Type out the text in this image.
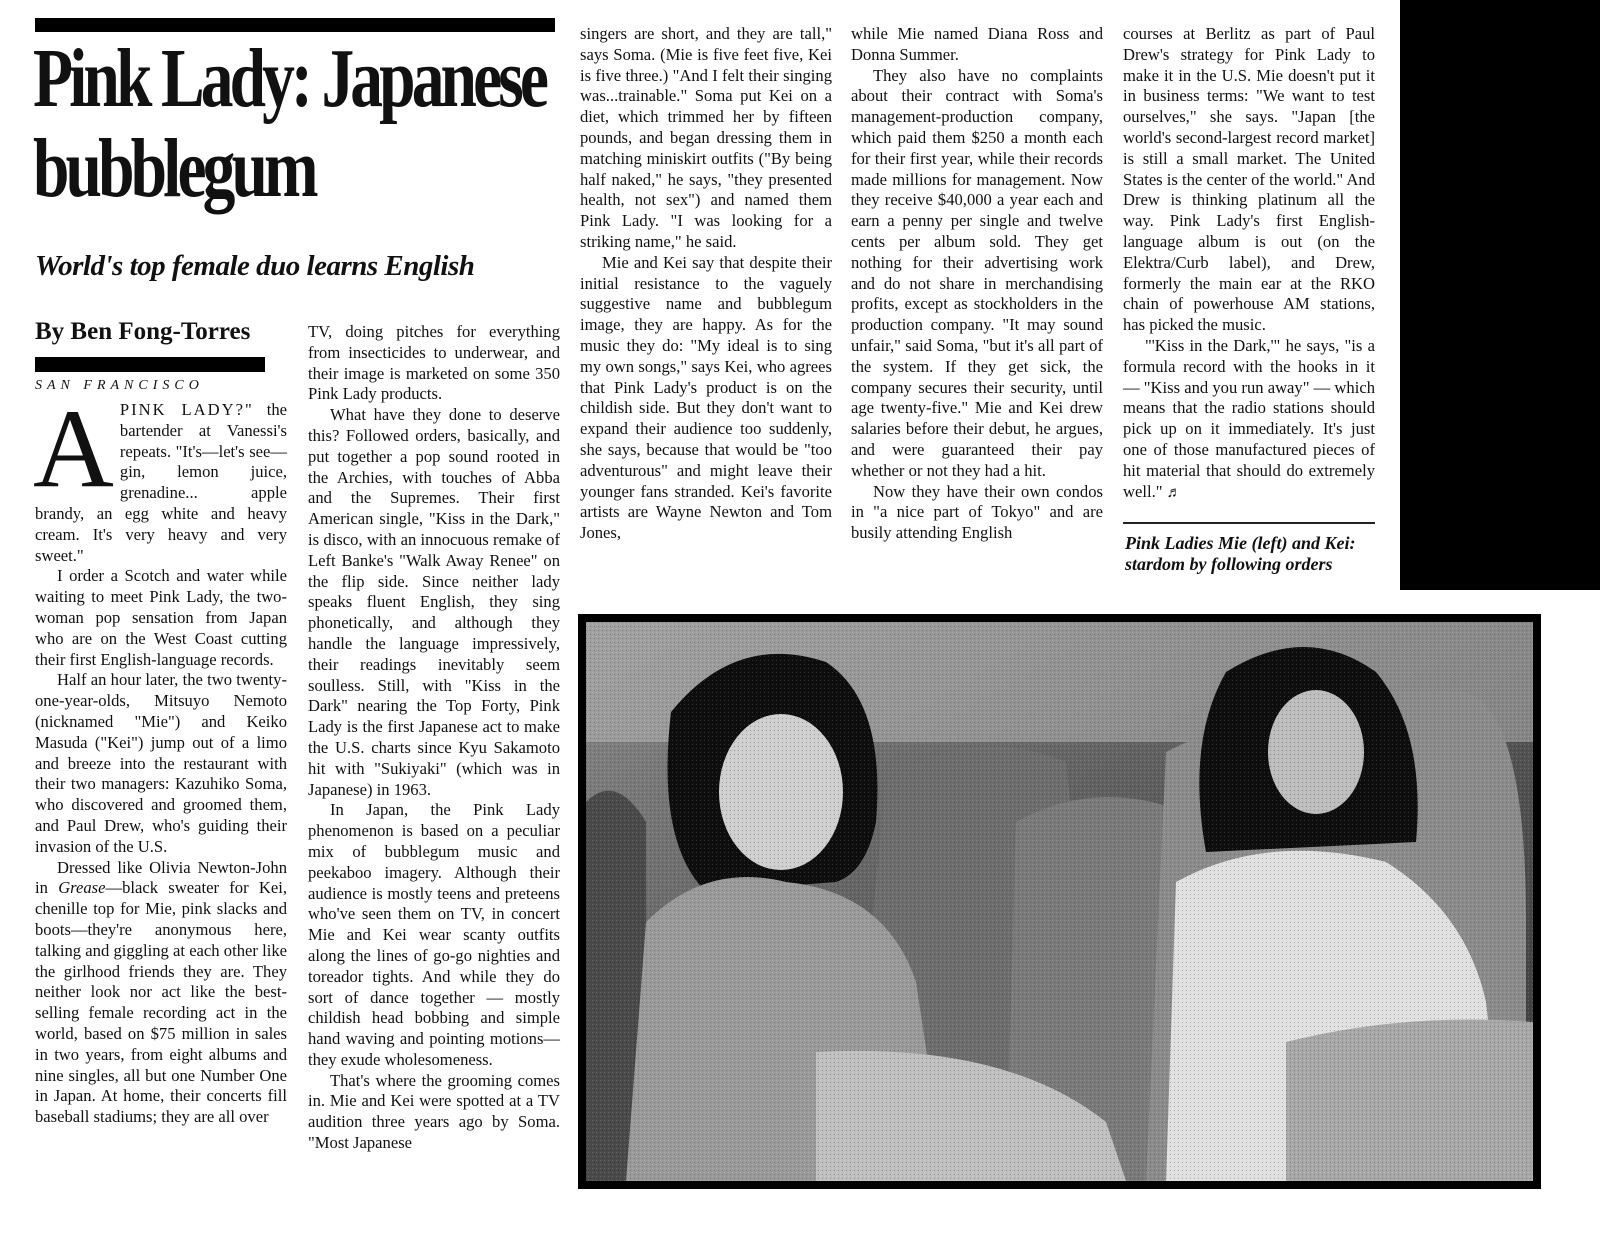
Pink Lady: Japanese
bubblegum
World's top female duo learns English
By Ben Fong-Torres
SAN FRANCISCO

APINK LADY?" the bartender at Vanessi's repeats. "It's—let's see—gin, lemon juice, grenadine... apple brandy, an egg white and heavy cream. It's very heavy and very sweet."

I order a Scotch and water while waiting to meet Pink Lady, the two-woman pop sensation from Japan who are on the West Coast cutting their first English-language records.

Half an hour later, the two twenty-one-year-olds, Mitsuyo Nemoto (nicknamed "Mie") and Keiko Masuda ("Kei") jump out of a limo and breeze into the restaurant with their two managers: Kazuhiko Soma, who discovered and groomed them, and Paul Drew, who's guiding their invasion of the U.S.

Dressed like Olivia Newton-John in Grease—black sweater for Kei, chenille top for Mie, pink slacks and boots—they're anonymous here, talking and giggling at each other like the girlhood friends they are. They neither look nor act like the best-selling female recording act in the world, based on $75 million in sales in two years, from eight albums and nine singles, all but one Number One in Japan. At home, their concerts fill baseball stadiums; they are all over

TV, doing pitches for everything from insecticides to underwear, and their image is marketed on some 350 Pink Lady products.

What have they done to deserve this? Followed orders, basically, and put together a pop sound rooted in the Archies, with touches of Abba and the Supremes. Their first American single, "Kiss in the Dark," is disco, with an innocuous remake of Left Banke's "Walk Away Renee" on the flip side. Since neither lady speaks fluent English, they sing phonetically, and although they handle the language impressively, their readings inevitably seem soulless. Still, with "Kiss in the Dark" nearing the Top Forty, Pink Lady is the first Japanese act to make the U.S. charts since Kyu Sakamoto hit with "Sukiyaki" (which was in Japanese) in 1963.

In Japan, the Pink Lady phenomenon is based on a peculiar mix of bubblegum music and peekaboo imagery. Although their audience is mostly teens and preteens who've seen them on TV, in concert Mie and Kei wear scanty outfits along the lines of go-go nighties and toreador tights. And while they do sort of dance together — mostly childish head bobbing and simple hand waving and pointing motions—they exude wholesomeness.

That's where the grooming comes in. Mie and Kei were spotted at a TV audition three years ago by Soma. "Most Japanese

singers are short, and they are tall," says Soma. (Mie is five feet five, Kei is five three.) "And I felt their singing was...trainable." Soma put Kei on a diet, which trimmed her by fifteen pounds, and began dressing them in matching miniskirt outfits ("By being half naked," he says, "they presented health, not sex") and named them Pink Lady. "I was looking for a striking name," he said.

Mie and Kei say that despite their initial resistance to the vaguely suggestive name and bubblegum image, they are happy. As for the music they do: "My ideal is to sing my own songs," says Kei, who agrees that Pink Lady's product is on the childish side. But they don't want to expand their audience too suddenly, she says, because that would be "too adventurous" and might leave their younger fans stranded. Kei's favorite artists are Wayne Newton and Tom Jones,

while Mie named Diana Ross and Donna Summer.

They also have no complaints about their contract with Soma's management-production company, which paid them $250 a month each for their first year, while their records made millions for management. Now they receive $40,000 a year each and earn a penny per single and twelve cents per album sold. They get nothing for their advertising work and do not share in merchandising profits, except as stockholders in the production company. "It may sound unfair," said Soma, "but it's all part of the system. If they get sick, the company secures their security, until age twenty-five." Mie and Kei drew salaries before their debut, he argues, and were guaranteed their pay whether or not they had a hit.

Now they have their own condos in "a nice part of Tokyo" and are busily attending English

courses at Berlitz as part of Paul Drew's strategy for Pink Lady to make it in the U.S. Mie doesn't put it in business terms: "We want to test ourselves," she says. "Japan [the world's second-largest record market] is still a small market. The United States is the center of the world." And Drew is thinking platinum all the way. Pink Lady's first English-language album is out (on the Elektra/Curb label), and Drew, formerly the main ear at the RKO chain of powerhouse AM stations, has picked the music.

"'Kiss in the Dark,'" he says, "is a formula record with the hooks in it — "Kiss and you run away" — which means that the radio stations should pick up on it immediately. It's just one of those manufactured pieces of hit material that should do extremely well." ♬

Pink Ladies Mie (left) and Kei: stardom by following orders
